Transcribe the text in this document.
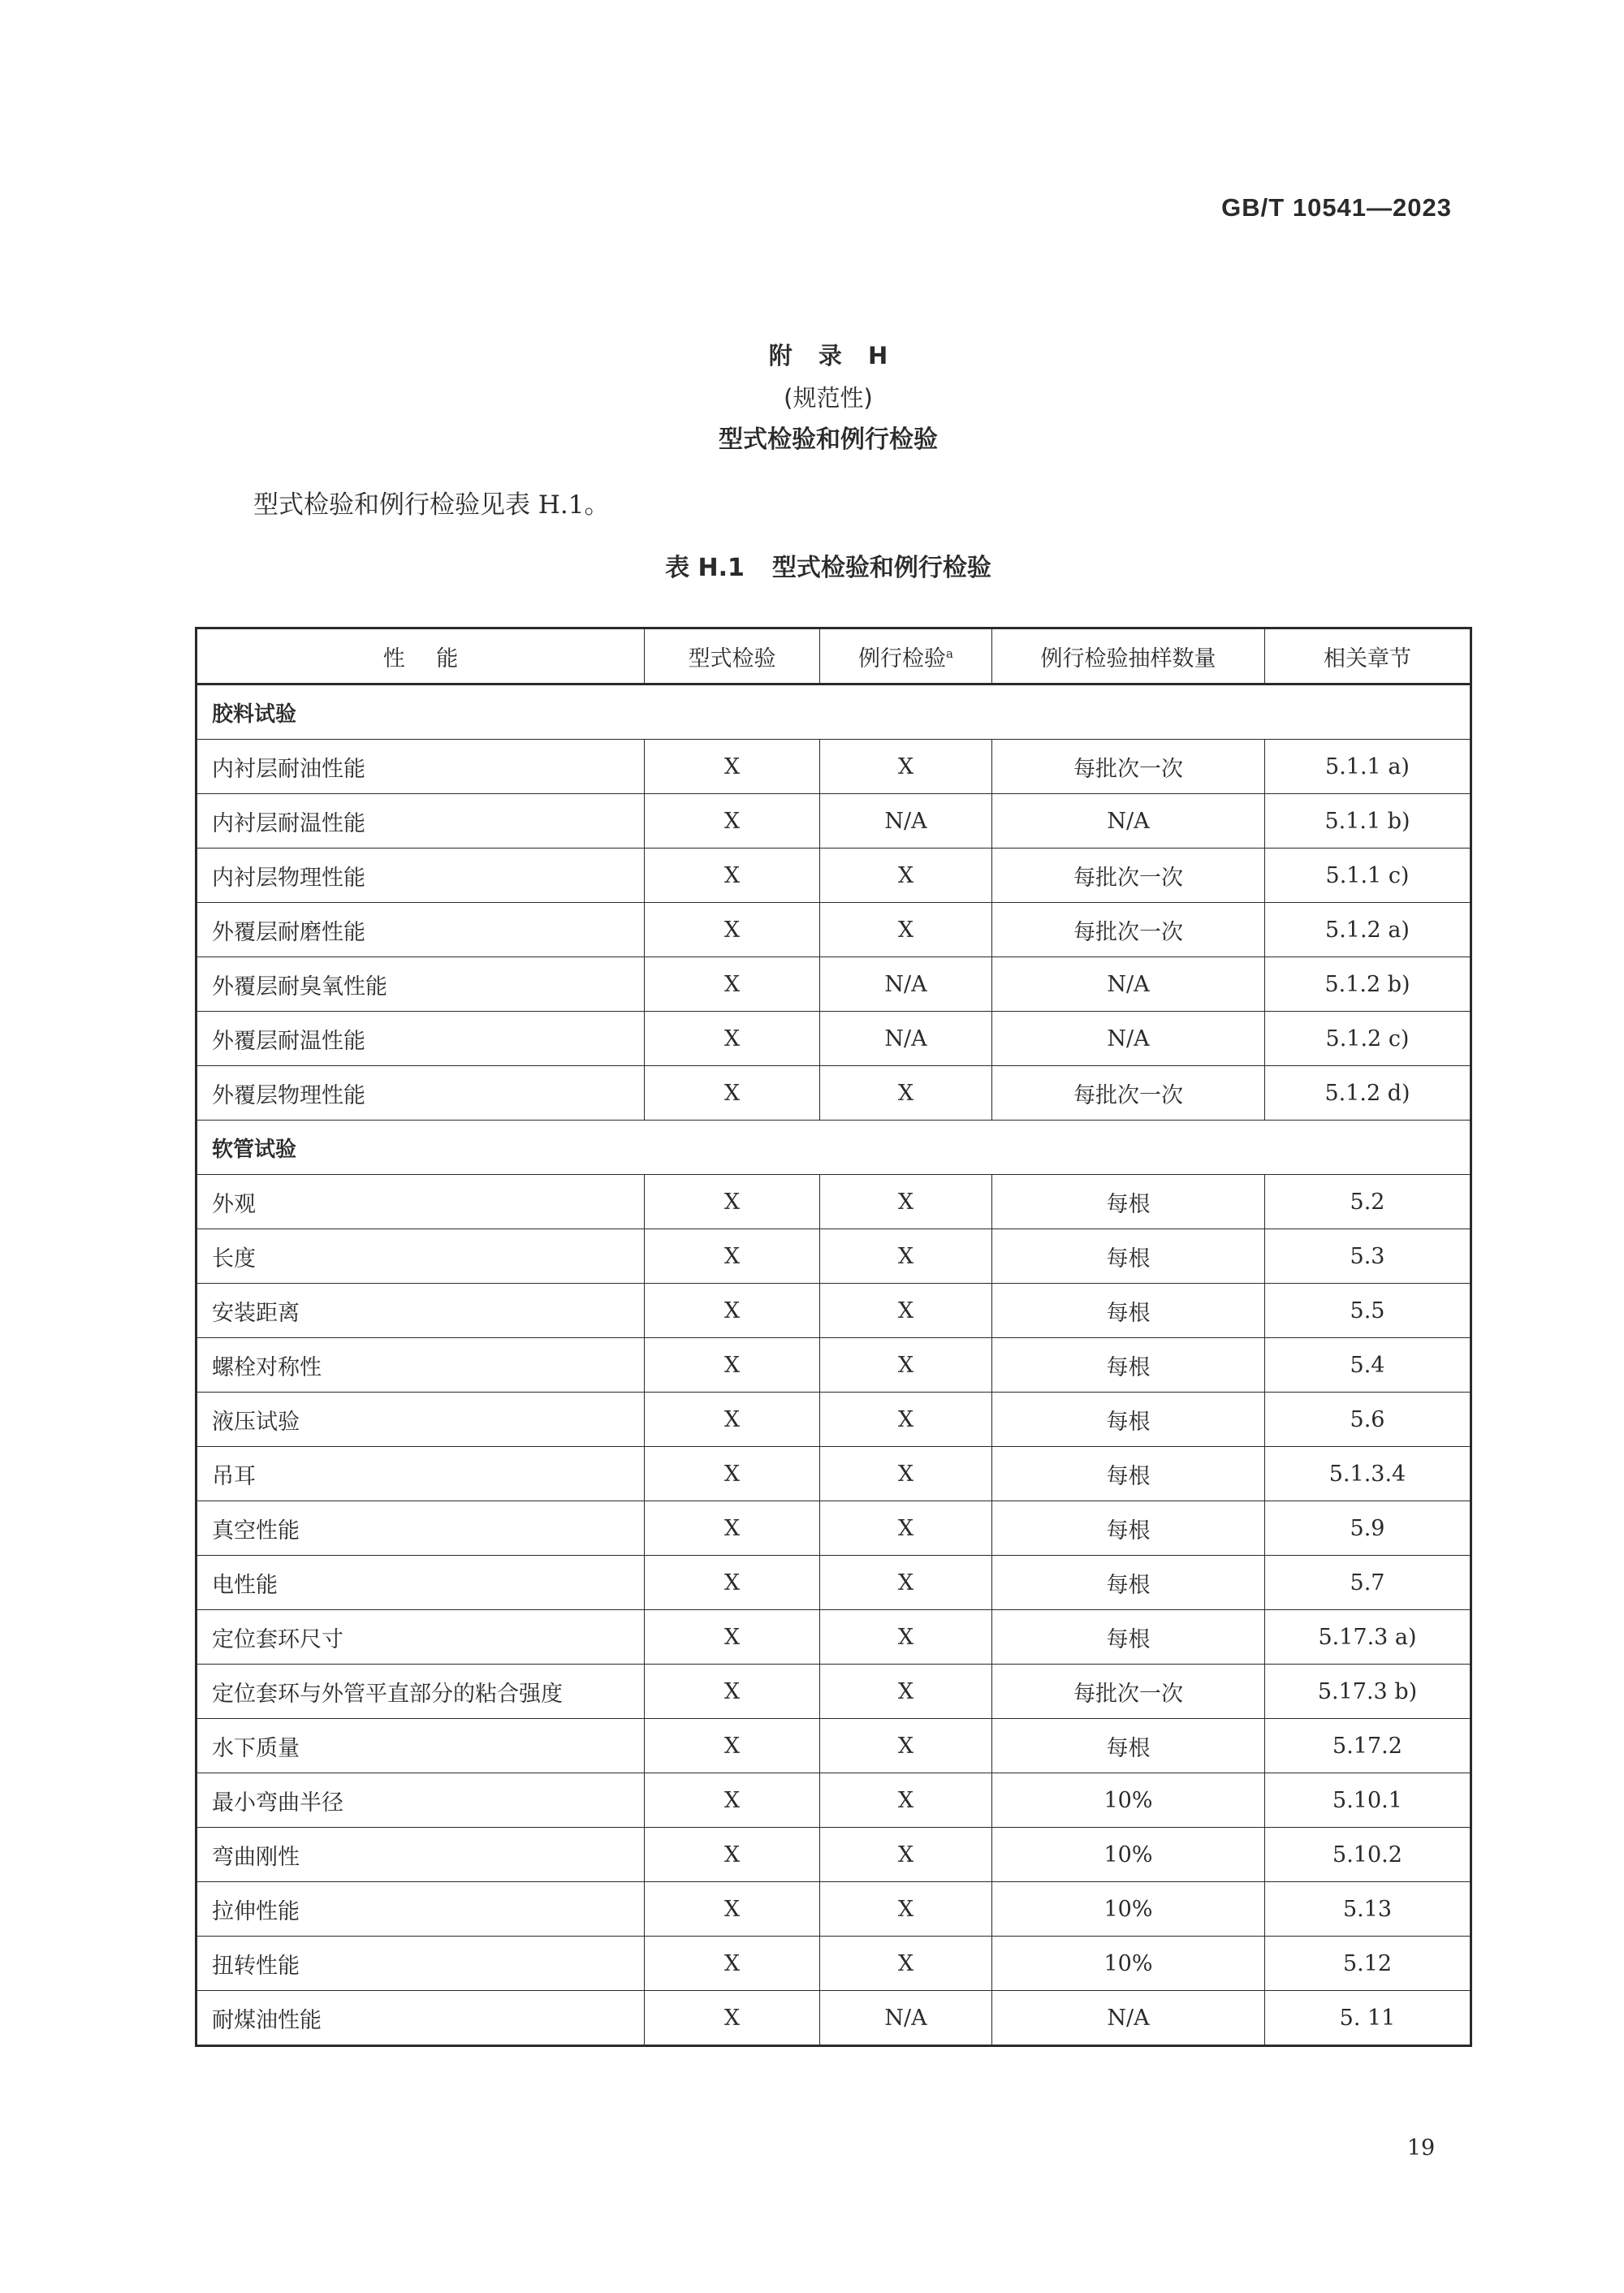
GB/T 10541—2023
附 录 H
(规范性)
型式检验和例行检验
型式检验和例行检验见表 H.1。
表 H.1 型式检验和例行检验
性 能	型式检验	例行检验$^a$	例行检验抽样数量	相关章节
胶料试验				
内衬层耐油性能	X	X	每批次一次	5.1.1 a)
内衬层耐温性能	X	N/A	N/A	5.1.1 b)
内衬层物理性能	X	X	每批次一次	5.1.1 c)
外覆层耐磨性能	X	X	每批次一次	5.1.2 a)
外覆层耐臭氧性能	X	N/A	N/A	5.1.2 b)
外覆层耐温性能	X	N/A	N/A	5.1.2 c)
外覆层物理性能	X	X	每批次一次	5.1.2 d)
软管试验				
外观	X	X	每根	5.2
长度	X	X	每根	5.3
安装距离	X	X	每根	5.5
螺栓对称性	X	X	每根	5.4
液压试验	X	X	每根	5.6
吊耳	X	X	每根	5.1.3.4
真空性能	X	X	每根	5.9
电性能	X	X	每根	5.7
定位套环尺寸	X	X	每根	5.17.3 a)
定位套环与外管平直部分的粘合强度	X	X	每批次一次	5.17.3 b)
水下质量	X	X	每根	5.17.2
最小弯曲半径	X	X	10%	5.10.1
弯曲刚性	X	X	10%	5.10.2
拉伸性能	X	X	10%	5.13
扭转性能	X	X	10%	5.12
耐煤油性能	X	N/A	N/A	5. 11
19
